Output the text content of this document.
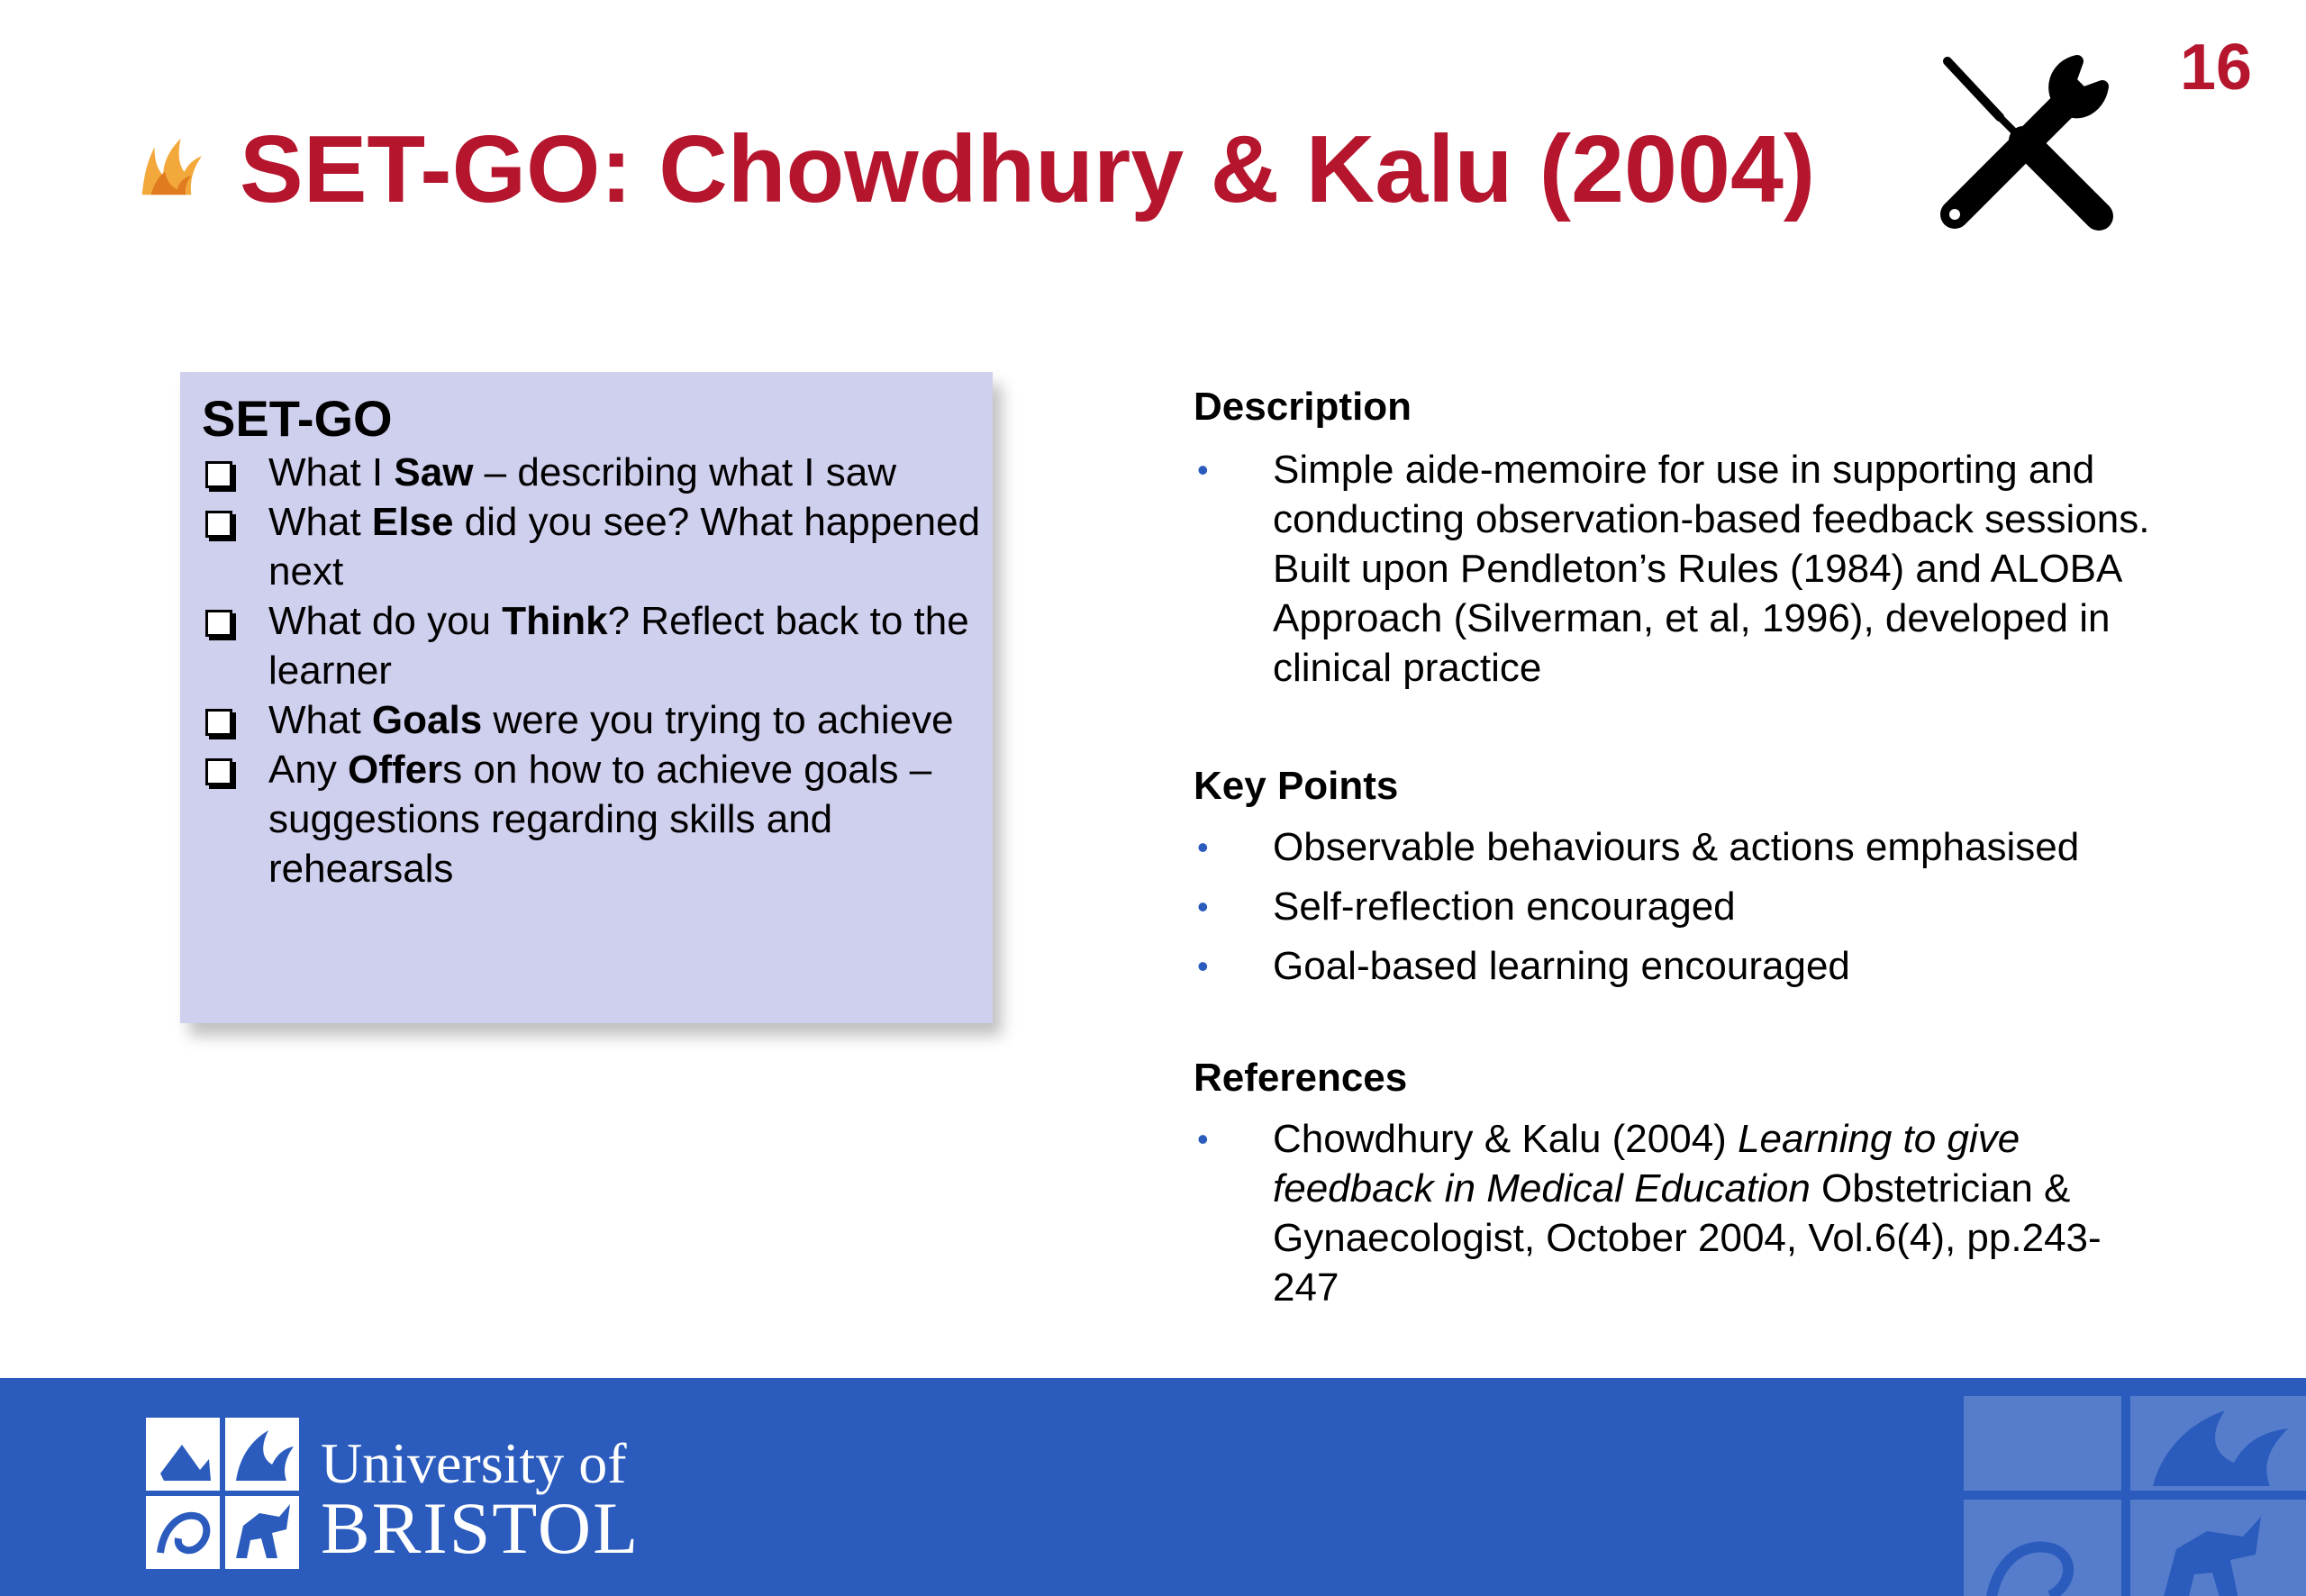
16
SET-GO: Chowdhury & Kalu (2004)
SET-GO
What I Saw – describing what I saw
What Else did you see? What happened next
What do you Think? Reflect back to the learner
What Goals were you trying to achieve
Any Offers on how to achieve goals – suggestions regarding skills and rehearsals
Description
• Simple aide-memoire for use in supporting and conducting observation-based feedback sessions. Built upon Pendleton’s Rules (1984) and ALOBA Approach (Silverman, et al, 1996), developed in clinical practice
Key Points
• Observable behaviours & actions emphasised
• Self-reflection encouraged
• Goal-based learning encouraged
References
• Chowdhury & Kalu (2004) Learning to give feedback in Medical Education Obstetrician & Gynaecologist, October 2004, Vol.6(4), pp.243-247
University of
BRISTOL
